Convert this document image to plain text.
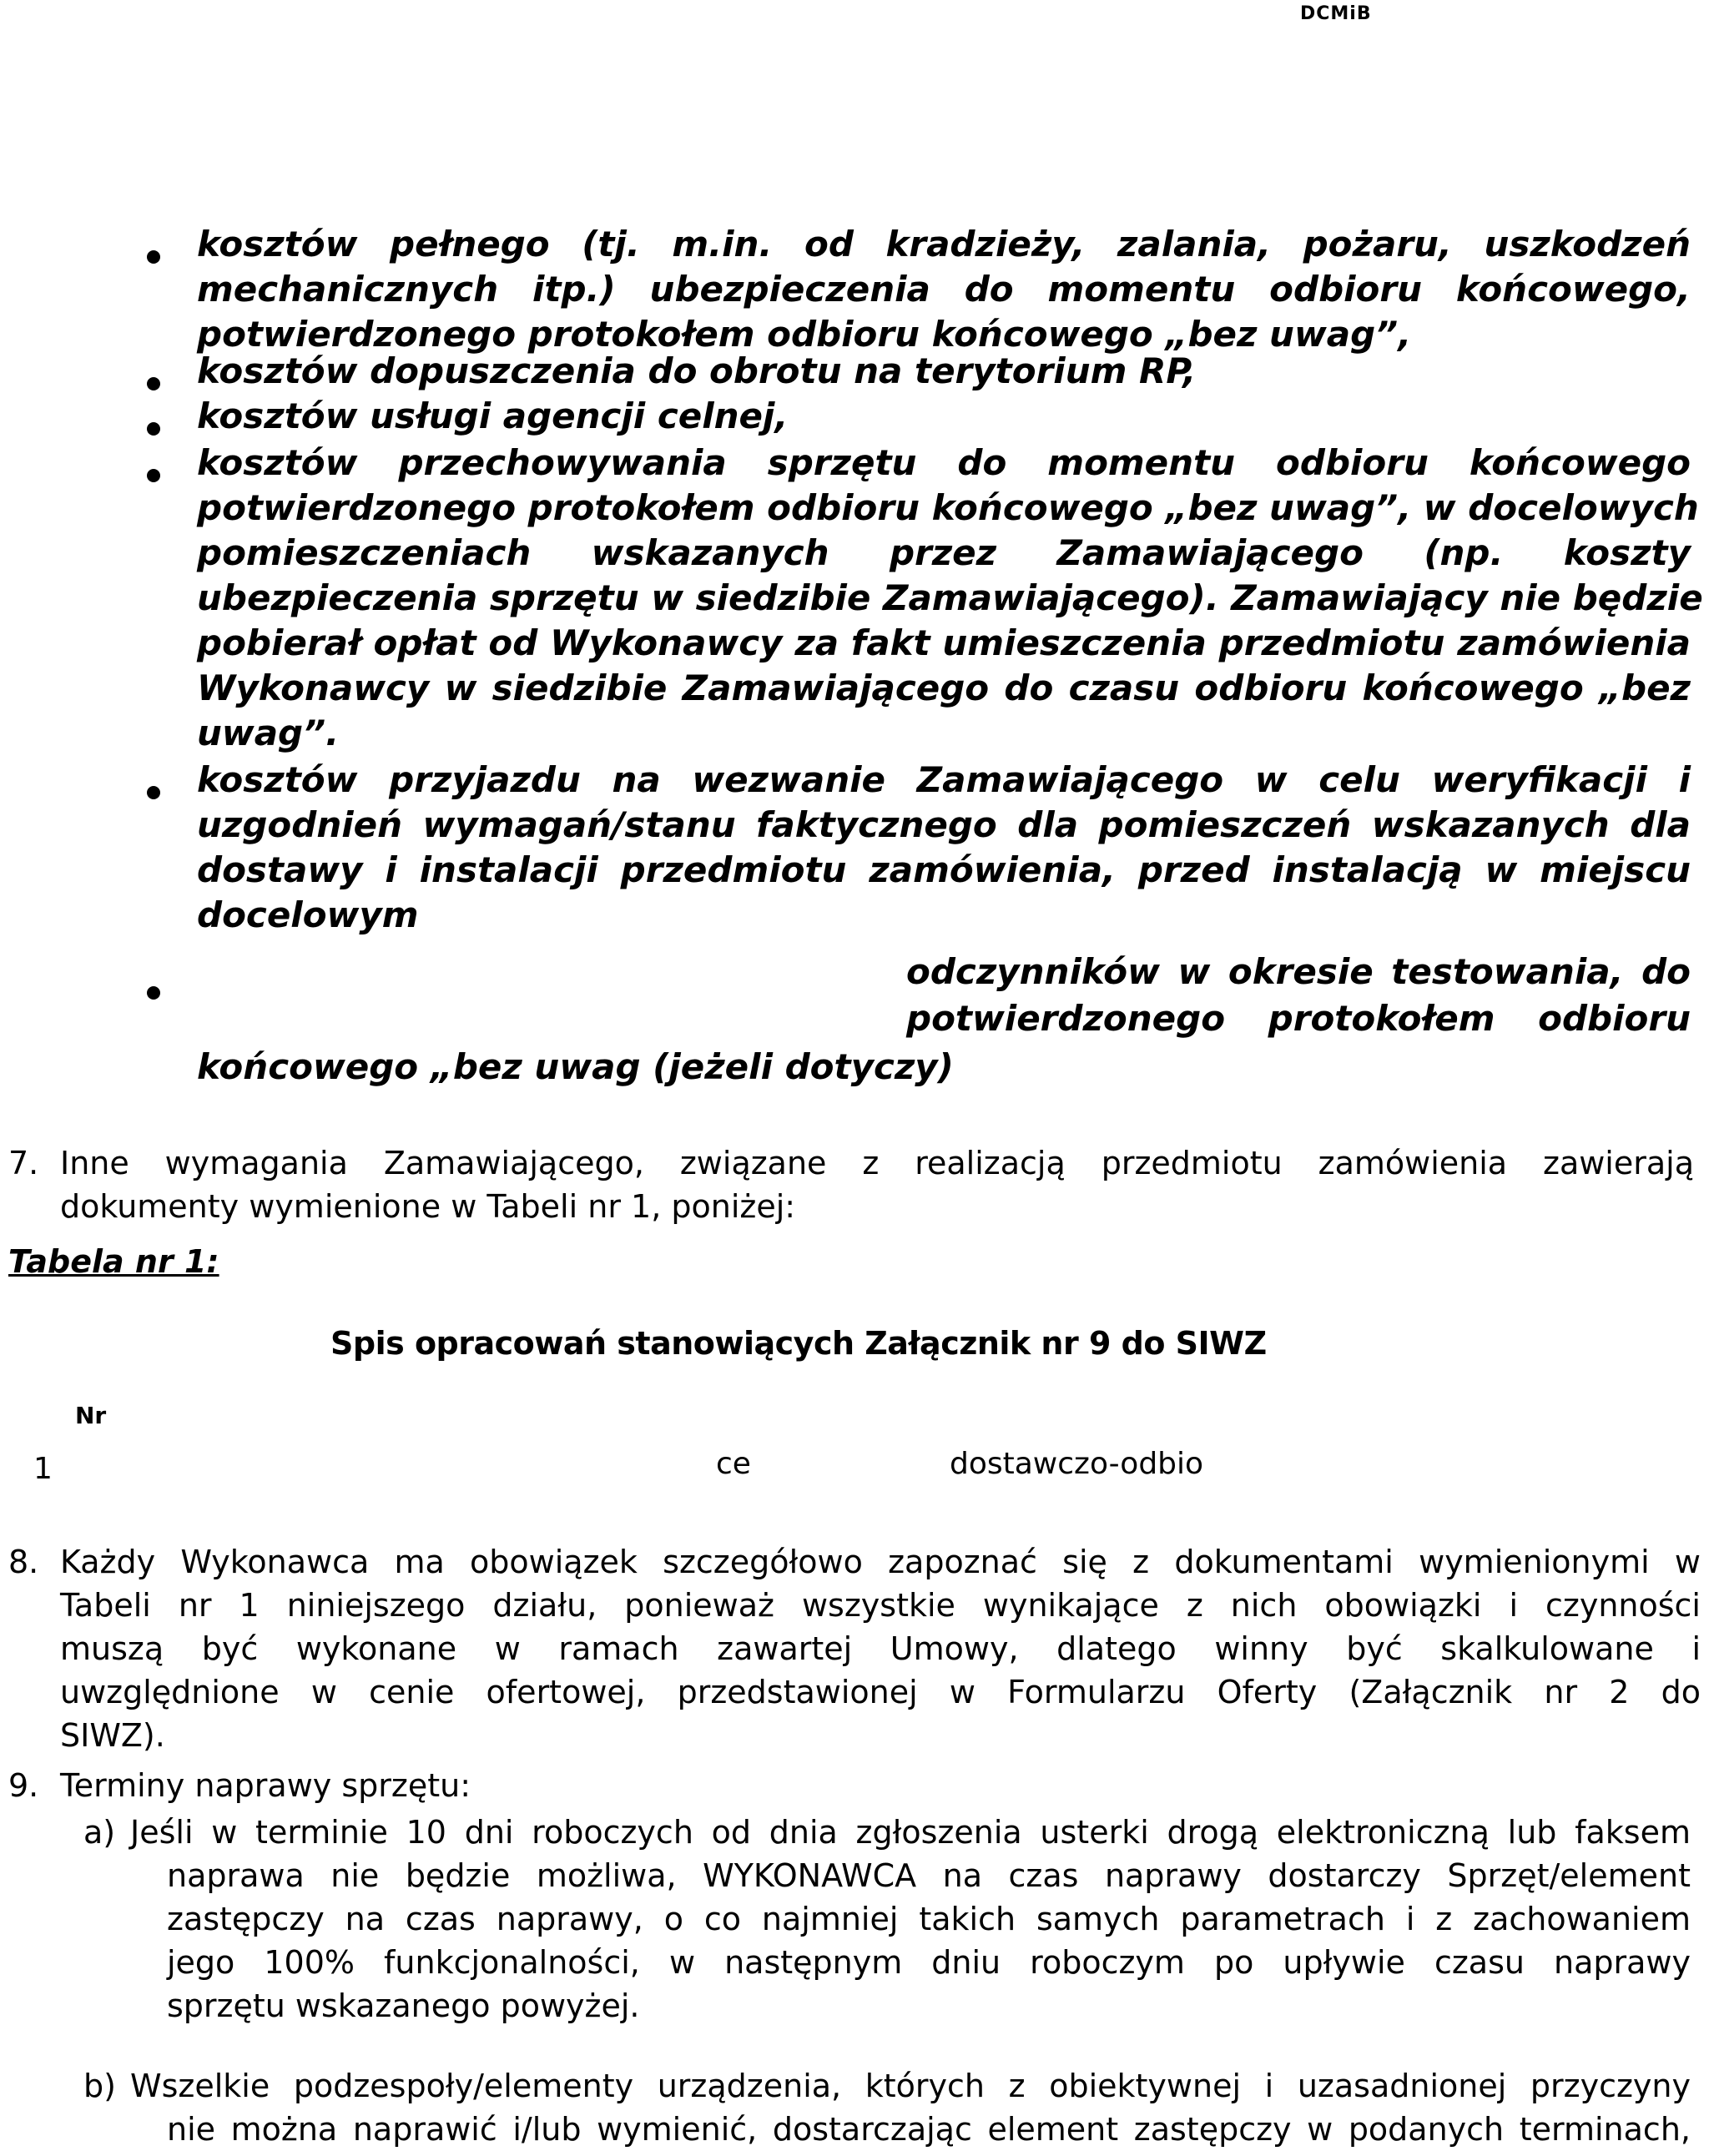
DCMiB
kosztów pełnego (tj. m.in. od kradzieży, zalania, pożaru, uszkodzeń
mechanicznych itp.) ubezpieczenia do momentu odbioru końcowego,
potwierdzonego protokołem odbioru końcowego „bez uwag”,
kosztów dopuszczenia do obrotu na terytorium RP,
kosztów usługi agencji celnej,
kosztów przechowywania sprzętu do momentu odbioru końcowego
potwierdzonego protokołem odbioru końcowego „bez uwag”, w docelowych
pomieszczeniach wskazanych przez Zamawiającego (np. koszty
ubezpieczenia sprzętu w siedzibie Zamawiającego). Zamawiający nie będzie
pobierał opłat od Wykonawcy za fakt umieszczenia przedmiotu zamówienia
Wykonawcy w siedzibie Zamawiającego do czasu odbioru końcowego „bez
uwag”.
kosztów przyjazdu na wezwanie Zamawiającego w celu weryfikacji i
uzgodnień wymagań/stanu faktycznego dla pomieszczeń wskazanych dla
dostawy i instalacji przedmiotu zamówienia, przed instalacją w miejscu
docelowym
odczynników w okresie testowania, do
potwierdzonego protokołem odbioru
końcowego „bez uwag (jeżeli dotyczy)
7. Inne wymagania Zamawiającego, związane z realizacją przedmiotu zamówienia zawierają
dokumenty wymienione w Tabeli nr 1, poniżej:
Tabela nr 1:
Spis opracowań stanowiących Załącznik nr 9 do SIWZ
Nr
1	ce	dostawczo-odbio
8. Każdy Wykonawca ma obowiązek szczegółowo zapoznać się z dokumentami wymienionymi w
Tabeli nr 1 niniejszego działu, ponieważ wszystkie wynikające z nich obowiązki i czynności
muszą być wykonane w ramach zawartej Umowy, dlatego winny być skalkulowane i
uwzględnione w cenie ofertowej, przedstawionej w Formularzu Oferty (Załącznik nr 2 do
SIWZ).
9. Terminy naprawy sprzętu:
a) Jeśli w terminie 10 dni roboczych od dnia zgłoszenia usterki drogą elektroniczną lub faksem
naprawa nie będzie możliwa, WYKONAWCA na czas naprawy dostarczy Sprzęt/element
zastępczy na czas naprawy, o co najmniej takich samych parametrach i z zachowaniem
jego 100% funkcjonalności, w następnym dniu roboczym po upływie czasu naprawy
sprzętu wskazanego powyżej.
b) Wszelkie podzespoły/elementy urządzenia, których z obiektywnej i uzasadnionej przyczyny
nie można naprawić i/lub wymienić, dostarczając element zastępczy w podanych terminach,
